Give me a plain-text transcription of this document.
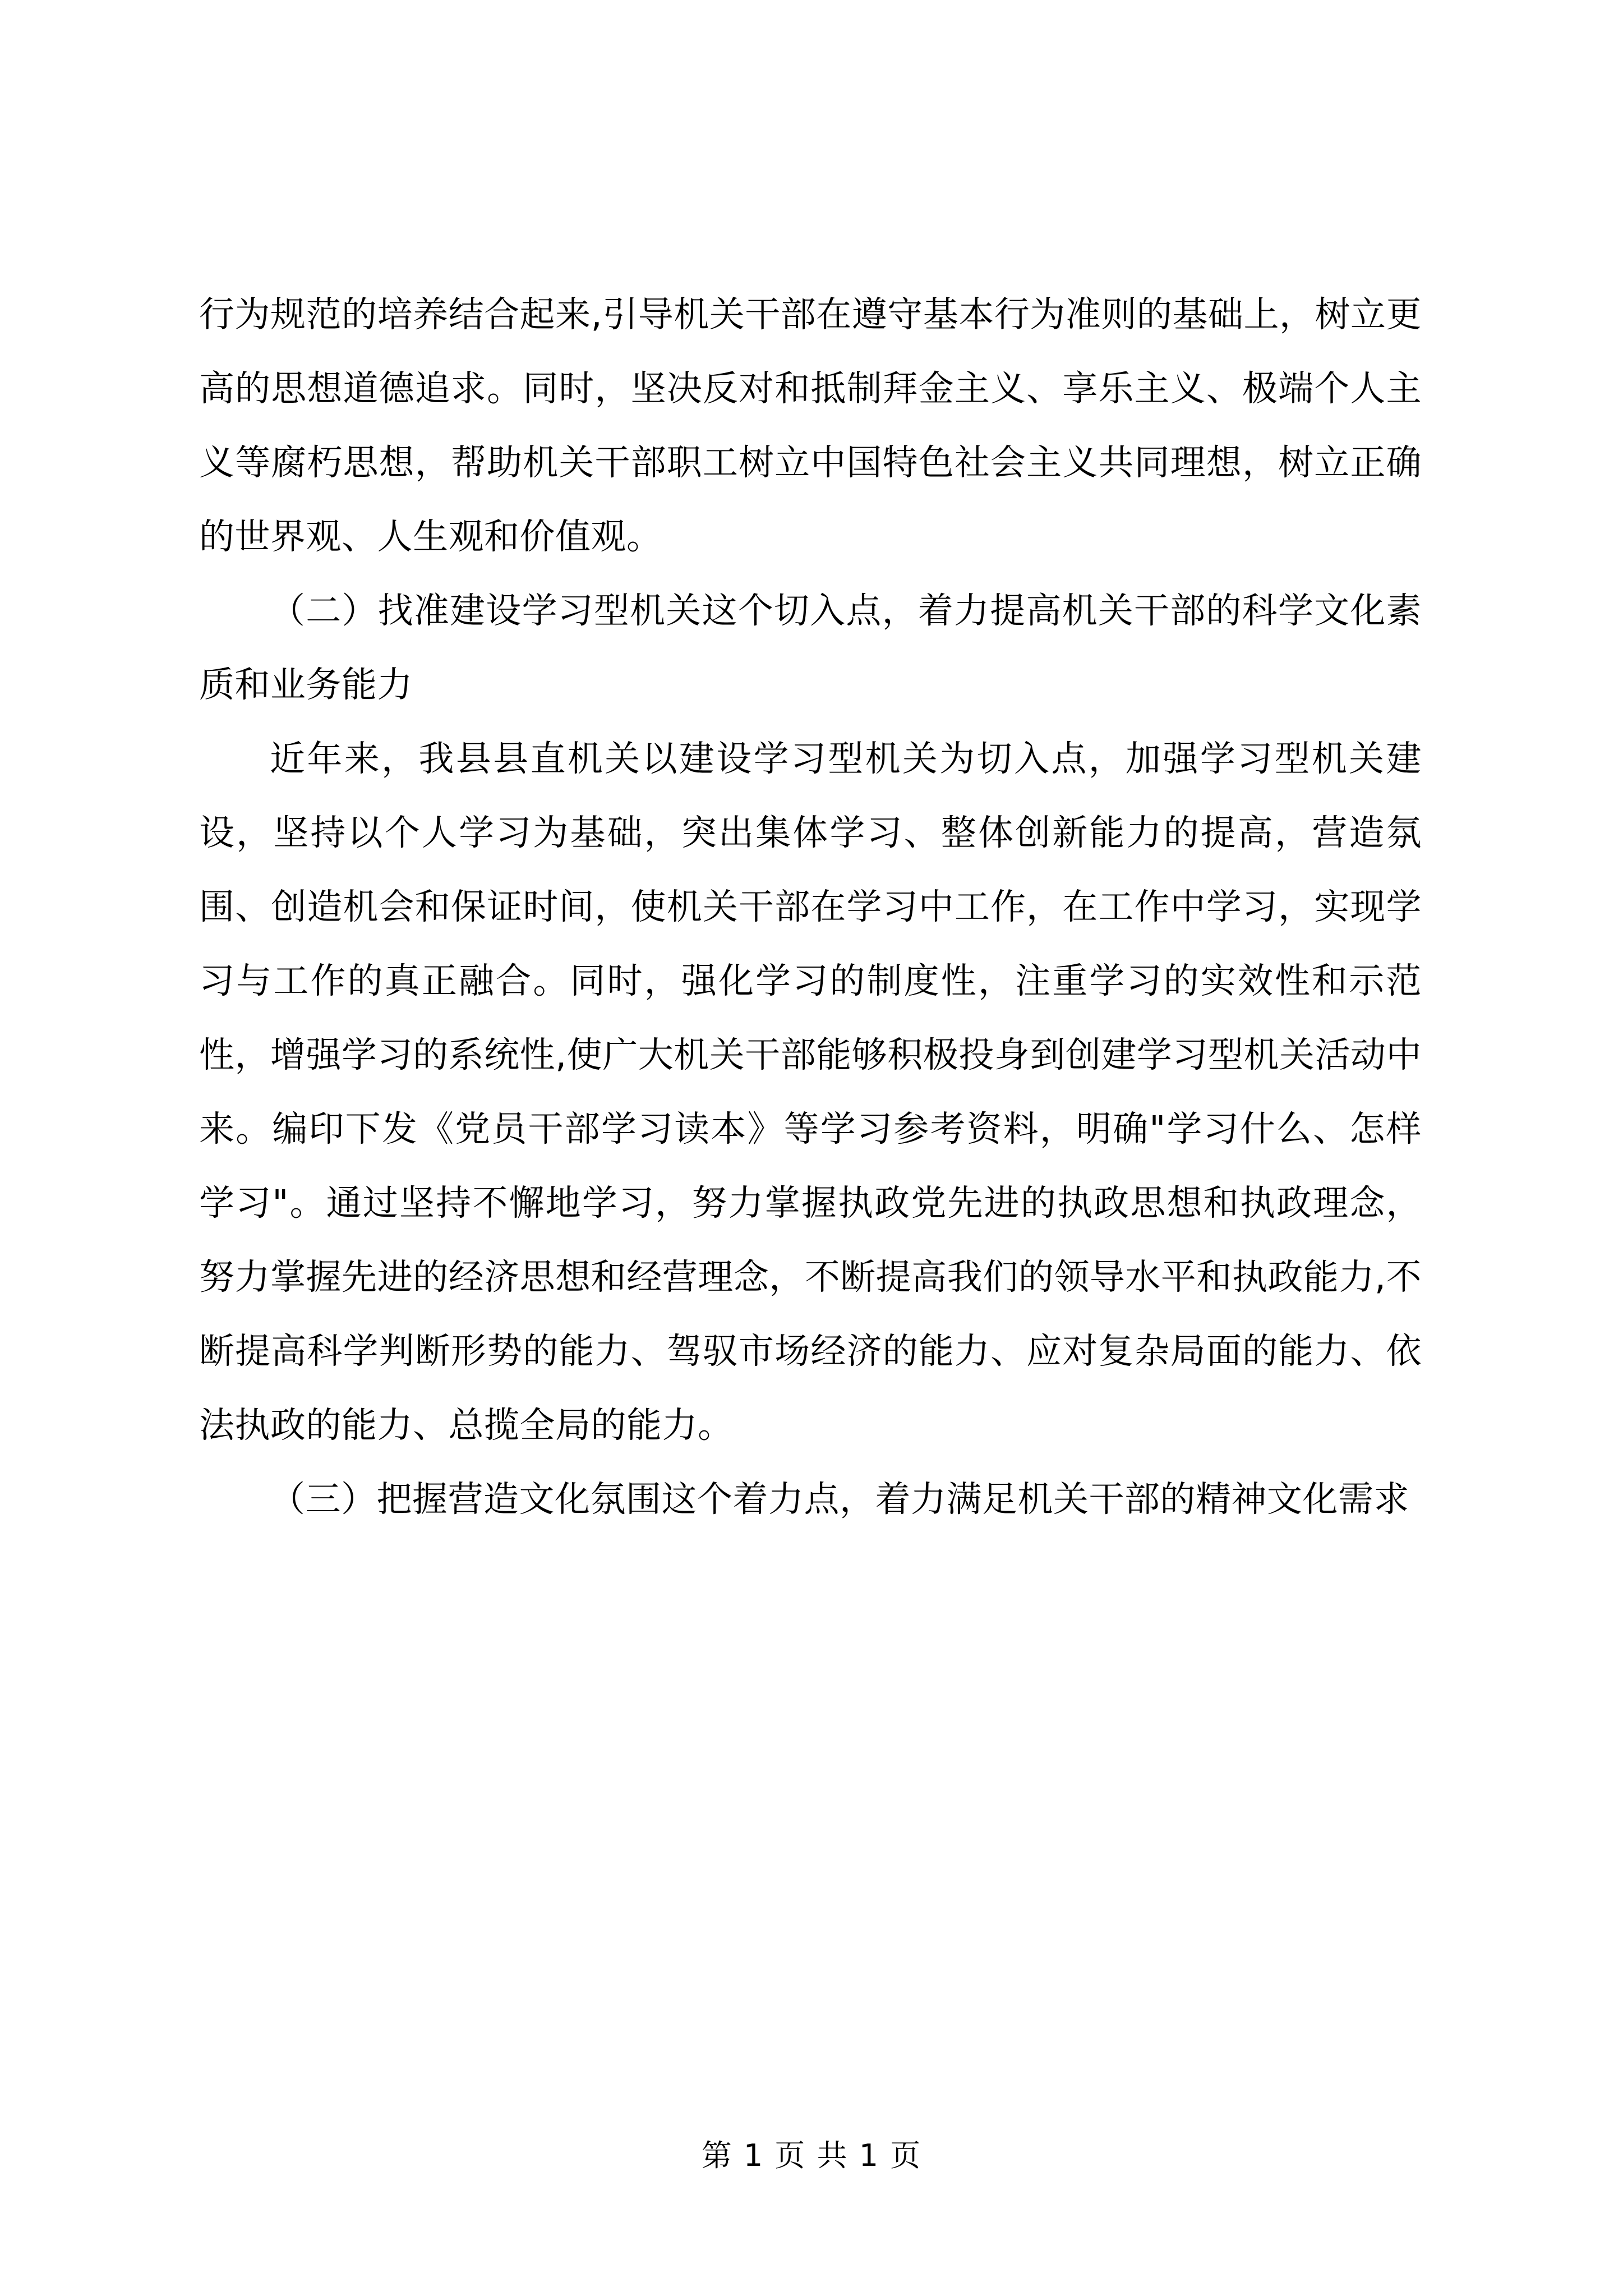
行为规范的培养结合起来,引导机关干部在遵守基本行为准则的基础上，树立更高的思想道德追求。同时，坚决反对和抵制拜金主义、享乐主义、极端个人主义等腐朽思想，帮助机关干部职工树立中国特色社会主义共同理想，树立正确的世界观、人生观和价值观。

（二）找准建设学习型机关这个切入点，着力提高机关干部的科学文化素质和业务能力

近年来，我县县直机关以建设学习型机关为切入点，加强学习型机关建设，坚持以个人学习为基础，突出集体学习、整体创新能力的提高，营造氛围、创造机会和保证时间，使机关干部在学习中工作，在工作中学习，实现学习与工作的真正融合。同时，强化学习的制度性，注重学习的实效性和示范性，增强学习的系统性,使广大机关干部能够积极投身到创建学习型机关活动中来。编印下发《党员干部学习读本》等学习参考资料，明确"学习什么、怎样学习"。通过坚持不懈地学习，努力掌握执政党先进的执政思想和执政理念，努力掌握先进的经济思想和经营理念，不断提高我们的领导水平和执政能力,不断提高科学判断形势的能力、驾驭市场经济的能力、应对复杂局面的能力、依法执政的能力、总揽全局的能力。

（三）把握营造文化氛围这个着力点，着力满足机关干部的精神文化需求

第 1 页 共 1 页
